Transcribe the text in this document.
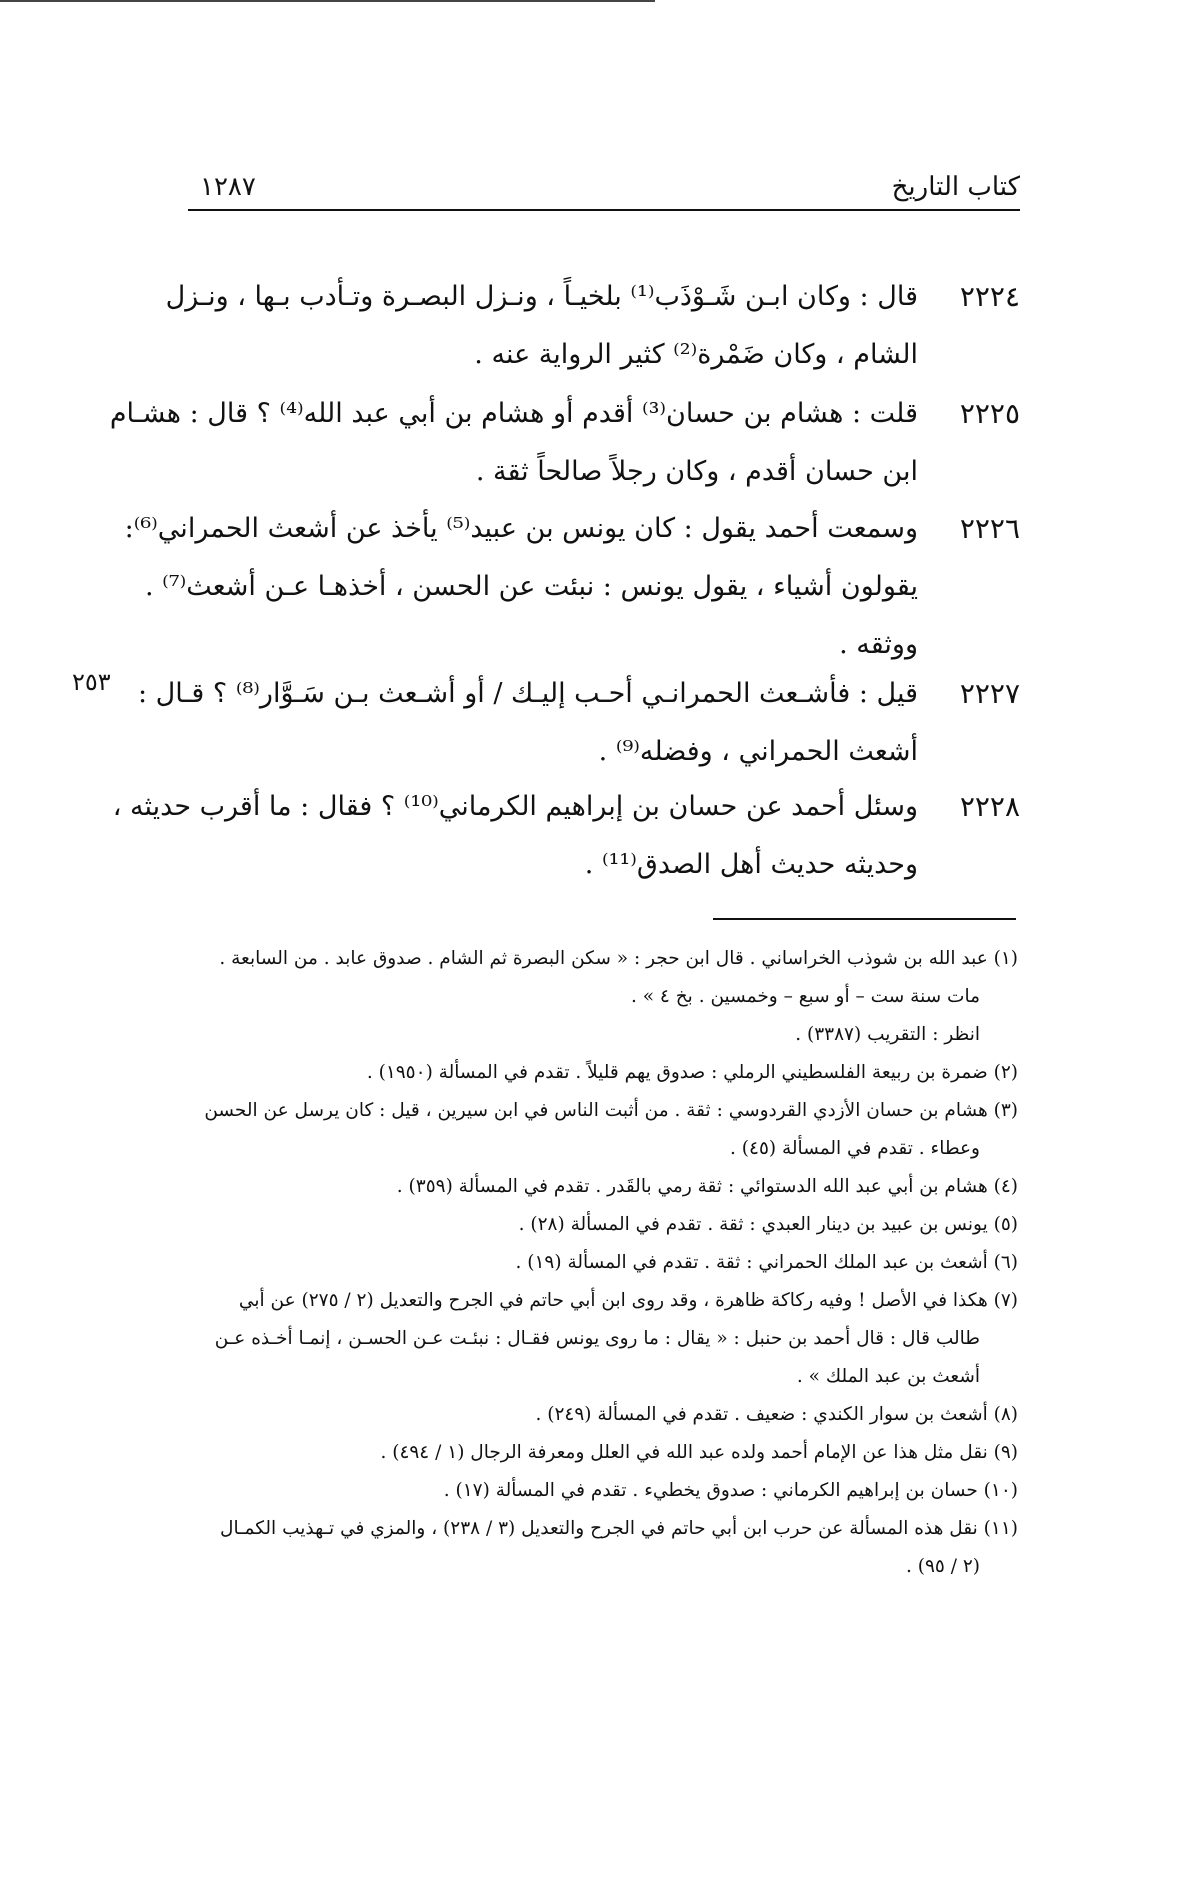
كتاب التاريخ
١٢٨٧
٢٢٢٤
قال : وكان ابـن شَـوْذَب⁽¹⁾ بلخيـاً ، ونـزل البصـرة وتـأدب بـها ، ونـزل
الشام ، وكان ضَمْرة⁽²⁾ كثير الرواية عنه .
٢٢٢٥
قلت : هشام بن حسان⁽³⁾ أقدم أو هشام بن أبي عبد الله⁽⁴⁾ ؟ قال : هشـام
ابن حسان أقدم ، وكان رجلاً صالحاً ثقة .
٢٢٢٦
وسمعت أحمد يقول : كان يونس بن عبيد⁽⁵⁾ يأخذ عن أشعث الحمراني⁽⁶⁾:
يقولون أشياء ، يقول يونس : نبئت عن الحسن ، أخذهـا عـن أشعث⁽⁷⁾ .
ووثقه .
٢٥٣	٢٢٢٧
قيل : فأشـعث الحمرانـي أحـب إليـك / أو أشـعث بـن سَـوَّار⁽⁸⁾ ؟ قـال :
أشعث الحمراني ، وفضله⁽⁹⁾ .
٢٢٢٨
وسئل أحمد عن حسان بن إبراهيم الكرماني⁽¹⁰⁾ ؟ فقال : ما أقرب حديثه ،
وحديثه حديث أهل الصدق⁽¹¹⁾ .
(١) عبد الله بن شوذب الخراساني . قال ابن حجر : « سكن البصرة ثم الشام . صدوق عابد . من السابعة .
مات سنة ست – أو سبع – وخمسين . بخ ٤ » .
انظر : التقريب (٣٣٨٧) .
(٢) ضمرة بن ربيعة الفلسطيني الرملي : صدوق يهم قليلاً . تقدم في المسألة (١٩٥٠) .
(٣) هشام بن حسان الأزدي القردوسي : ثقة . من أثبت الناس في ابن سيرين ، قيل : كان يرسل عن الحسن
وعطاء . تقدم في المسألة (٤٥) .
(٤) هشام بن أبي عبد الله الدستوائي : ثقة رمي بالقَدر . تقدم في المسألة (٣٥٩) .
(٥) يونس بن عبيد بن دينار العبدي : ثقة . تقدم في المسألة (٢٨) .
(٦) أشعث بن عبد الملك الحمراني : ثقة . تقدم في المسألة (١٩) .
(٧) هكذا في الأصل ! وفيه ركاكة ظاهرة ، وقد روى ابن أبي حاتم في الجرح والتعديل (٢ / ٢٧٥) عن أبي
طالب قال : قال أحمد بن حنبل : « يقال : ما روى يونس فقـال : نبئـت عـن الحسـن ، إنمـا أخـذه عـن
أشعث بن عبد الملك » .
(٨) أشعث بن سوار الكندي : ضعيف . تقدم في المسألة (٢٤٩) .
(٩) نقل مثل هذا عن الإمام أحمد ولده عبد الله في العلل ومعرفة الرجال (١ / ٤٩٤) .
(١٠) حسان بن إبراهيم الكرماني : صدوق يخطيء . تقدم في المسألة (١٧) .
(١١) نقل هذه المسألة عن حرب ابن أبي حاتم في الجرح والتعديل (٣ / ٢٣٨) ، والمزي في تـهذيب الكمـال
(٢ / ٩٥) .
